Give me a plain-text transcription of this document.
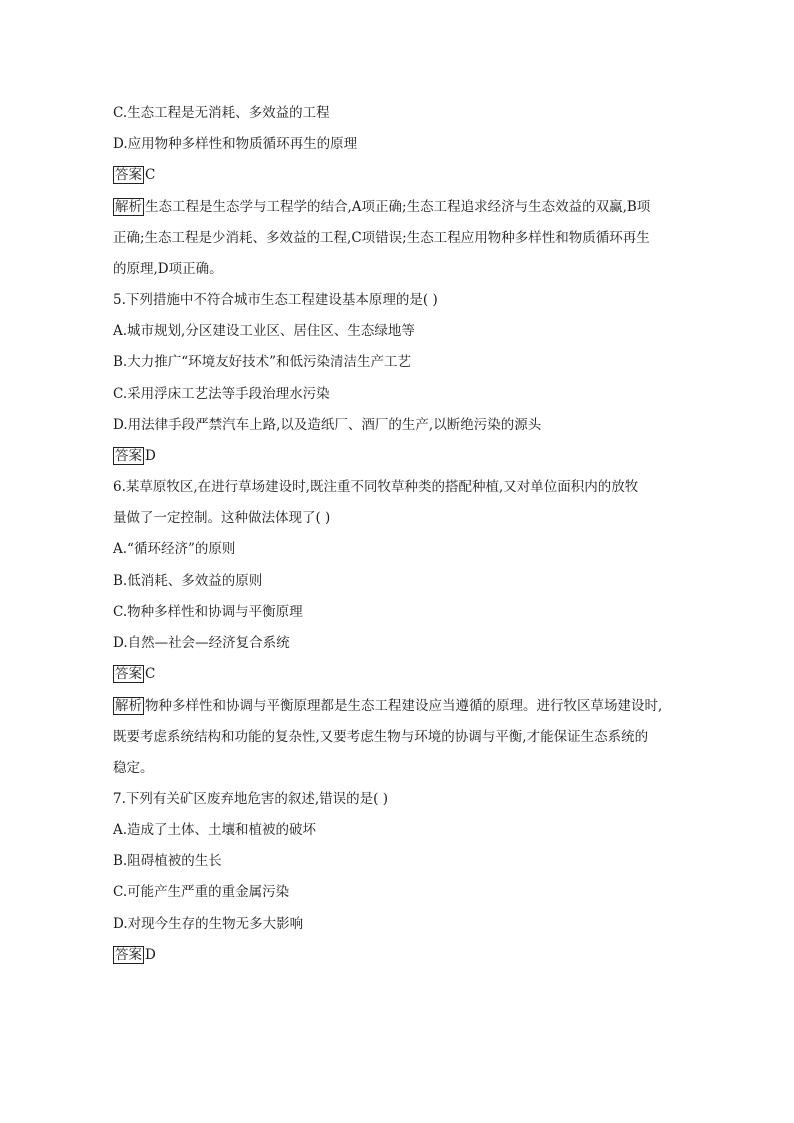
C.生态工程是无消耗、多效益的工程
D.应用物种多样性和物质循环再生的原理
答案 C
解析 生态工程是生态学与工程学的结合,A项正确;生态工程追求经济与生态效益的双赢,B项
正确;生态工程是少消耗、多效益的工程,C项错误;生态工程应用物种多样性和物质循环再生
的原理,D项正确。
5.下列措施中不符合城市生态工程建设基本原理的是( )
A.城市规划,分区建设工业区、居住区、生态绿地等
B.大力推广“环境友好技术”和低污染清洁生产工艺
C.采用浮床工艺法等手段治理水污染
D.用法律手段严禁汽车上路,以及造纸厂、酒厂的生产,以断绝污染的源头
答案 D
6.某草原牧区,在进行草场建设时,既注重不同牧草种类的搭配种植,又对单位面积内的放牧
量做了一定控制。这种做法体现了( )
A.“循环经济”的原则
B.低消耗、多效益的原则
C.物种多样性和协调与平衡原理
D.自然—社会—经济复合系统
答案 C
解析 物种多样性和协调与平衡原理都是生态工程建设应当遵循的原理。进行牧区草场建设时,
既要考虑系统结构和功能的复杂性,又要考虑生物与环境的协调与平衡,才能保证生态系统的
稳定。
7.下列有关矿区废弃地危害的叙述,错误的是( )
A.造成了土体、土壤和植被的破坏
B.阻碍植被的生长
C.可能产生严重的重金属污染
D.对现今生存的生物无多大影响
答案 D
